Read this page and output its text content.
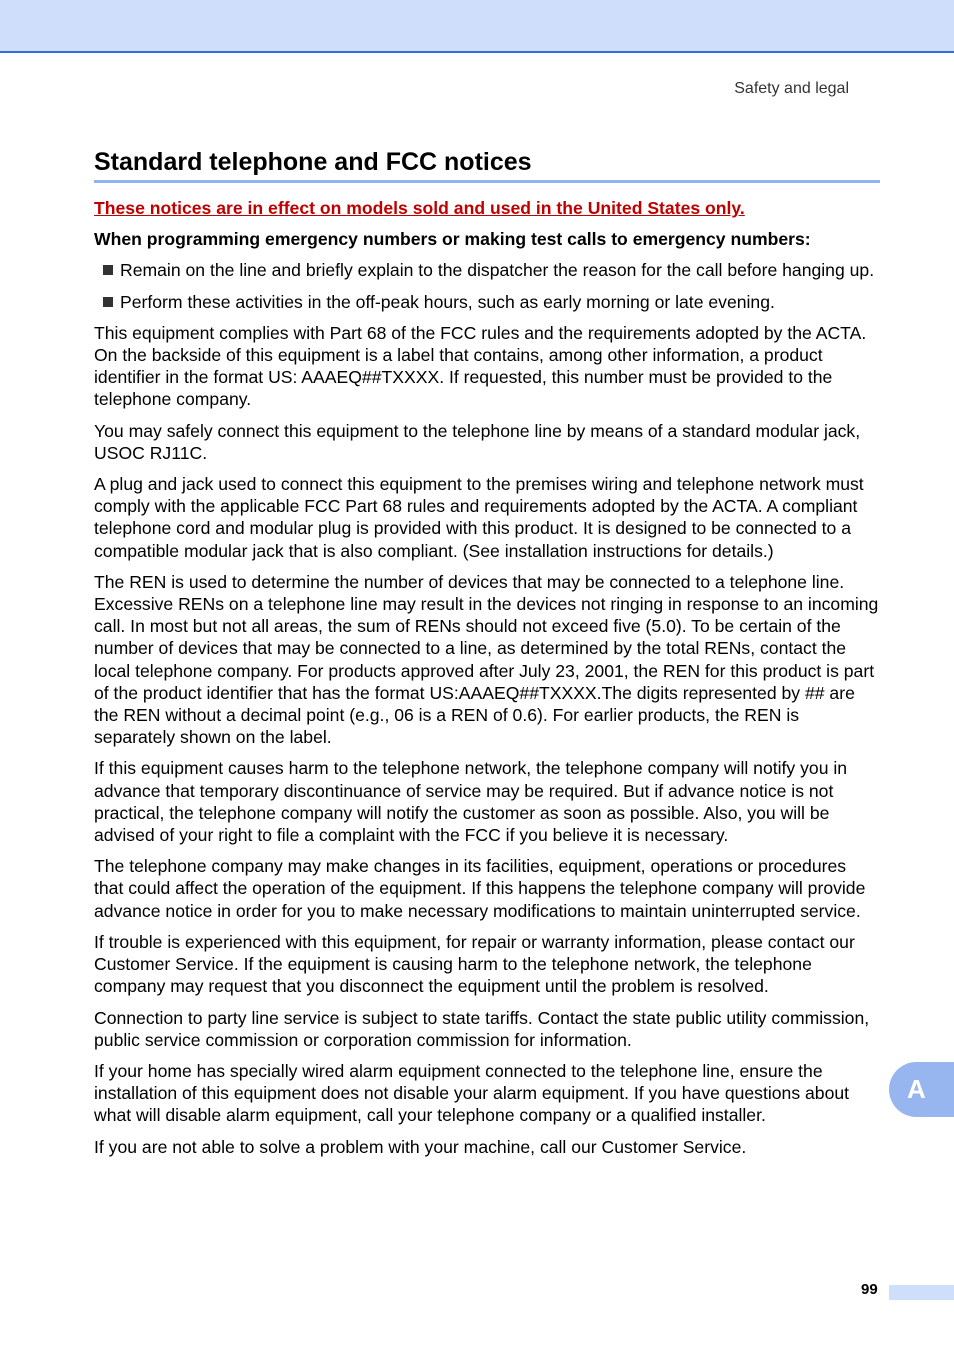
Safety and legal
Standard telephone and FCC notices

These notices are in effect on models sold and used in the United States only.

When programming emergency numbers or making test calls to emergency numbers:

Remain on the line and briefly explain to the dispatcher the reason for the call before hanging up.
Perform these activities in the off-peak hours, such as early morning or late evening.

This equipment complies with Part 68 of the FCC rules and the requirements adopted by the ACTA. On the backside of this equipment is a label that contains, among other information, a product identifier in the format US: AAAEQ##TXXXX. If requested, this number must be provided to the telephone company.

You may safely connect this equipment to the telephone line by means of a standard modular jack, USOC RJ11C.

A plug and jack used to connect this equipment to the premises wiring and telephone network must comply with the applicable FCC Part 68 rules and requirements adopted by the ACTA. A compliant telephone cord and modular plug is provided with this product. It is designed to be connected to a compatible modular jack that is also compliant. (See installation instructions for details.)

The REN is used to determine the number of devices that may be connected to a telephone line. Excessive RENs on a telephone line may result in the devices not ringing in response to an incoming call. In most but not all areas, the sum of RENs should not exceed five (5.0). To be certain of the number of devices that may be connected to a line, as determined by the total RENs, contact the local telephone company. For products approved after July 23, 2001, the REN for this product is part of the product identifier that has the format US:AAAEQ##TXXXX.The digits represented by ## are the REN without a decimal point (e.g., 06 is a REN of 0.6). For earlier products, the REN is separately shown on the label.

If this equipment causes harm to the telephone network, the telephone company will notify you in advance that temporary discontinuance of service may be required. But if advance notice is not practical, the telephone company will notify the customer as soon as possible. Also, you will be advised of your right to file a complaint with the FCC if you believe it is necessary.

The telephone company may make changes in its facilities, equipment, operations or procedures that could affect the operation of the equipment. If this happens the telephone company will provide advance notice in order for you to make necessary modifications to maintain uninterrupted service.

If trouble is experienced with this equipment, for repair or warranty information, please contact our Customer Service. If the equipment is causing harm to the telephone network, the telephone company may request that you disconnect the equipment until the problem is resolved.

Connection to party line service is subject to state tariffs. Contact the state public utility commission, public service commission or corporation commission for information.

If your home has specially wired alarm equipment connected to the telephone line, ensure the installation of this equipment does not disable your alarm equipment. If you have questions about what will disable alarm equipment, call your telephone company or a qualified installer.

If you are not able to solve a problem with your machine, call our Customer Service.

A
99
